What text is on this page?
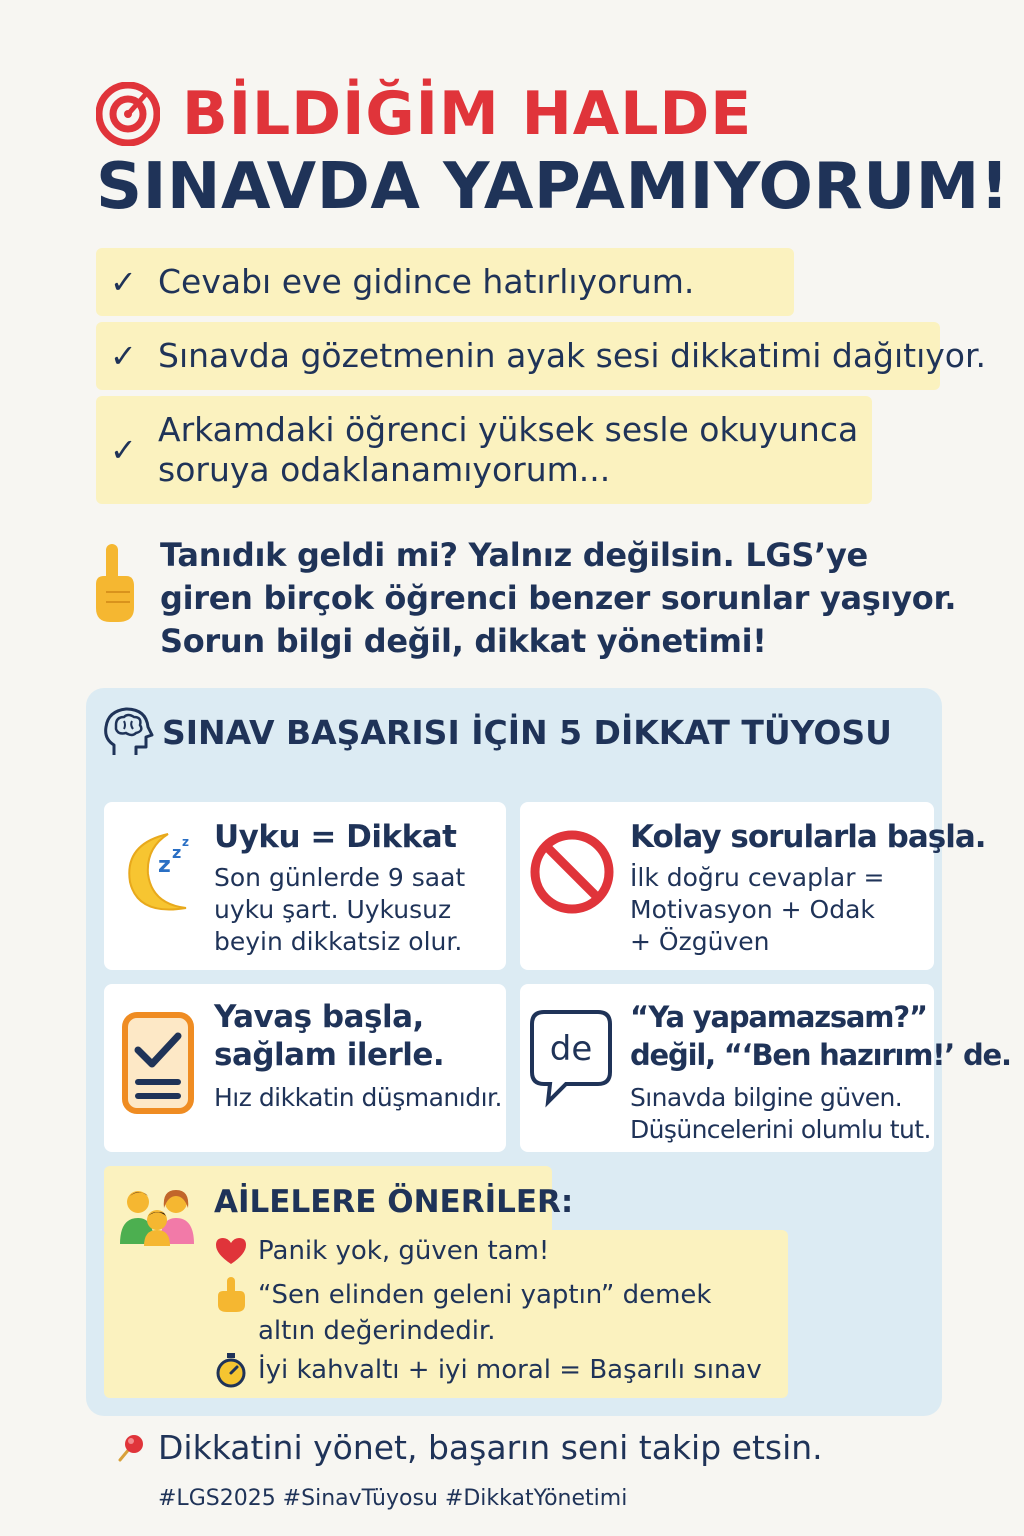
BİLDİĞİM HALDE
SINAVDA YAPAMIYORUM!
✓ Cevabı eve gidince hatırlıyorum.
✓ Sınavda gözetmenin ayak sesi dikkatimi dağıtıyor.
✓
Arkamdaki öğrenci yüksek sesle okuyunca
soruya odaklanamıyorum...
Tanıdık geldi mi? Yalnız değilsin. LGS’ye
giren birçok öğrenci benzer sorunlar yaşıyor.
Sorun bilgi değil, dikkat yönetimi!
SINAV BAŞARISI İÇİN 5 DİKKAT TÜYOSU
z
z
z Uyku = Dikkat
Son günlerde 9 saat
uyku şart. Uykusuz
beyin dikkatsiz olur.
Kolay sorularla başla.
İlk doğru cevaplar =
Motivasyon + Odak
+ Özgüven
Yavaş başla,
sağlam ilerle.
Hız dikkatin düşmanıdır.
de
“Ya yapamazsam?”
değil, “‘Ben hazırım!’ de.
Sınavda bilgine güven.
Düşüncelerini olumlu tut.
AİLELERE ÖNERİLER:
Panik yok, güven tam!
“Sen elinden geleni yaptın” demek
altın değerindedir.
İyi kahvaltı + iyi moral = Başarılı sınav
Dikkatini yönet, başarın seni takip etsin.
#LGS2025 #SinavTüyosu #DikkatYönetimi
